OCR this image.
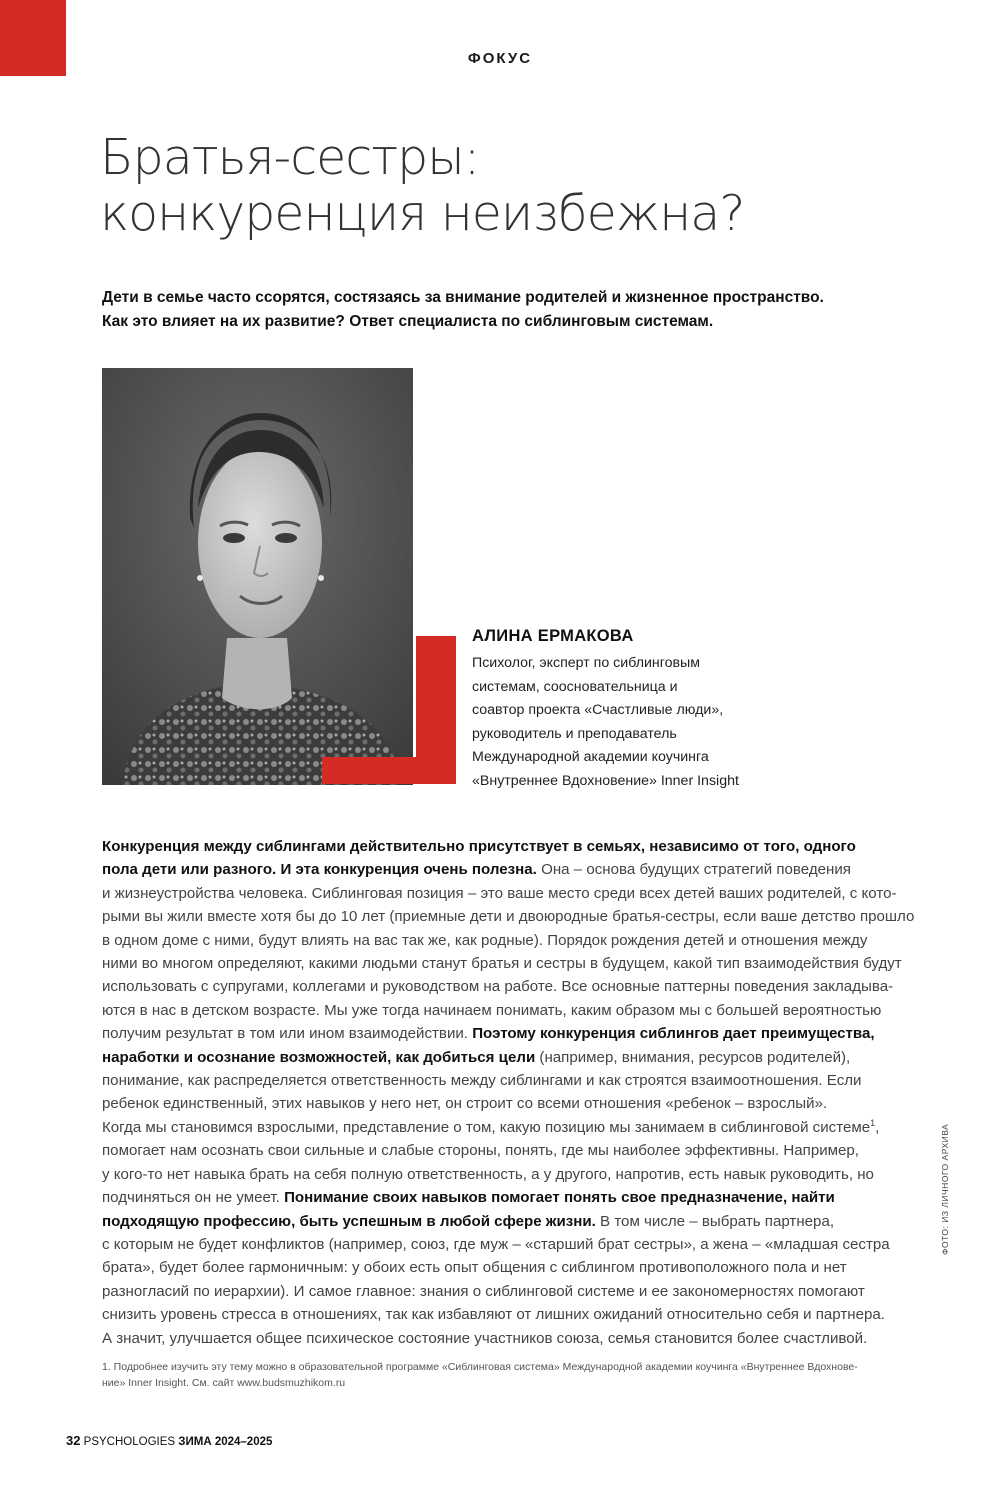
ФОКУС
Братья-сестры:
конкуренция неизбежна?

Дети в семье часто ссорятся, состязаясь за внимание родителей и жизненное пространство.
Как это влияет на их развитие? Ответ специалиста по сиблинговым системам.

АЛИНА ЕРМАКОВА
Психолог, эксперт по сиблинговым
системам, соосновательница и
соавтор проекта «Счастливые люди»,
руководитель и преподаватель
Международной академии коучинга
«Внутреннее Вдохновение» Inner Insight
Конкуренция между сиблингами действительно присутствует в семьях, независимо от того, одного
пола дети или разного. И эта конкуренция очень полезна. Она – основа будущих стратегий поведения
и жизнеустройства человека. Сиблинговая позиция – это ваше место среди всех детей ваших родителей, с кото-
рыми вы жили вместе хотя бы до 10 лет (приемные дети и двоюродные братья-сестры, если ваше детство прошло
в одном доме с ними, будут влиять на вас так же, как родные). Порядок рождения детей и отношения между
ними во многом определяют, какими людьми станут братья и сестры в будущем, какой тип взаимодействия будут
использовать с супругами, коллегами и руководством на работе. Все основные паттерны поведения закладыва-
ются в нас в детском возрасте. Мы уже тогда начинаем понимать, каким образом мы с большей вероятностью
получим результат в том или ином взаимодействии. Поэтому конкуренция сиблингов дает преимущества,
наработки и осознание возможностей, как добиться цели (например, внимания, ресурсов родителей),
понимание, как распределяется ответственность между сиблингами и как строятся взаимоотношения. Если
ребенок единственный, этих навыков у него нет, он строит со всеми отношения «ребенок – взрослый».
Когда мы становимся взрослыми, представление о том, какую позицию мы занимаем в сиблинговой системе$^1$,
помогает нам осознать свои сильные и слабые стороны, понять, где мы наиболее эффективны. Например,
у кого-то нет навыка брать на себя полную ответственность, а у другого, напротив, есть навык руководить, но
подчиняться он не умеет. Понимание своих навыков помогает понять свое предназначение, найти
подходящую профессию, быть успешным в любой сфере жизни. В том числе – выбрать партнера,
с которым не будет конфликтов (например, союз, где муж – «старший брат сестры», а жена – «младшая сестра
брата», будет более гармоничным: у обоих есть опыт общения с сиблингом противоположного пола и нет
разногласий по иерархии). И самое главное: знания о сиблинговой системе и ее закономерностях помогают
снизить уровень стресса в отношениях, так как избавляют от лишних ожиданий относительно себя и партнера.
А значит, улучшается общее психическое состояние участников союза, семья становится более счастливой.
1. Подробнее изучить эту тему можно в образовательной программе «Сиблинговая система» Международной академии коучинга «Внутреннее Вдохнове-
ние» Inner Insight. См. сайт www.budsmuzhikom.ru
32 PSYCHOLOGIES ЗИМА 2024–2025
ФОТО: ИЗ ЛИЧНОГО АРХИВА
